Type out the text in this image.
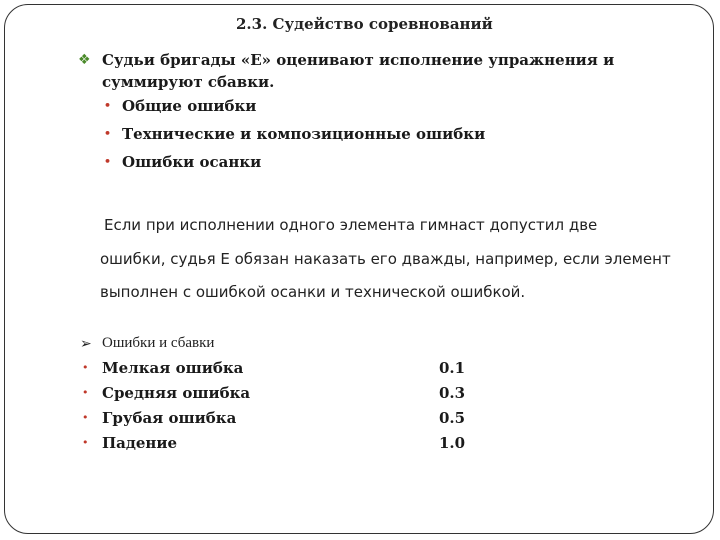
2.3. Судейство соревнований
❖ Судьи бригады «Е» оценивают исполнение упражнения и суммируют сбавки.
• Общие ошибки
• Технические и композиционные ошибки
• Ошибки осанки
Если при исполнении одного элемента гимнаст допустил две
ошибки, судья Е обязан наказать его дважды, например, если элемент
выполнен с ошибкой осанки и технической ошибкой.
➢ Ошибки и сбавки
• Мелкая ошибка	0.1
• Средняя ошибка	0.3
• Грубая ошибка	0.5
• Падение	1.0
